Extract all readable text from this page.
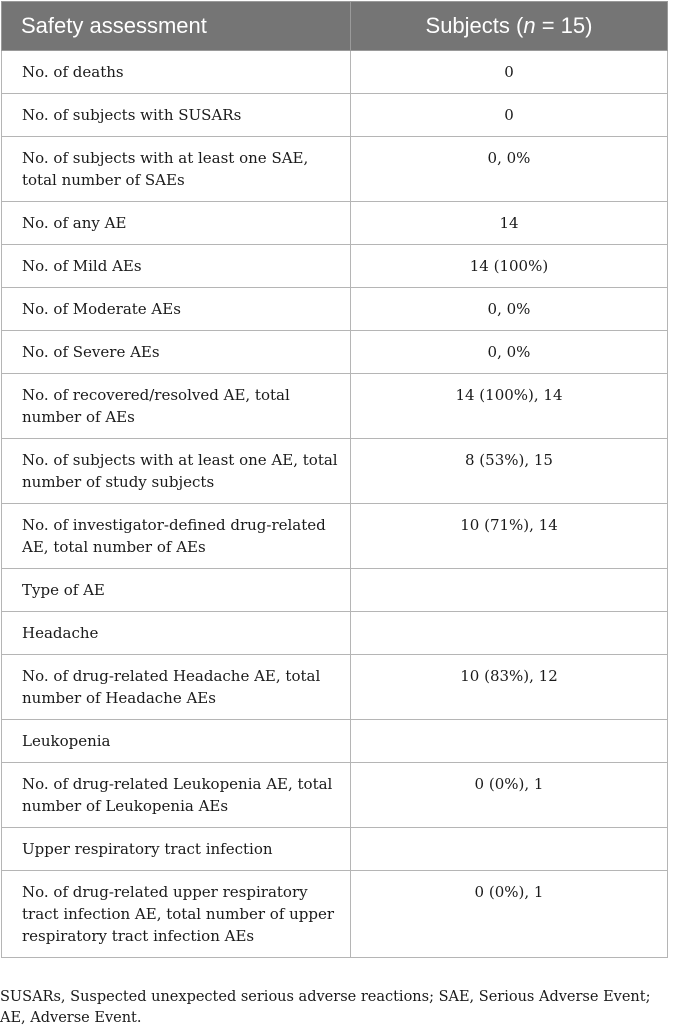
Safety assessment	Subjects (n = 15)
No. of deaths	0
No. of subjects with SUSARs	0
No. of subjects with at least one SAE, total number of SAEs	0, 0%
No. of any AE	14
No. of Mild AEs	14 (100%)
No. of Moderate AEs	0, 0%
No. of Severe AEs	0, 0%
No. of recovered/resolved AE, total number of AEs	14 (100%), 14
No. of subjects with at least one AE, total number of study subjects	8 (53%), 15
No. of investigator-defined drug-related AE, total number of AEs	10 (71%), 14
Type of AE	
Headache	
No. of drug-related Headache AE, total number of Headache AEs	10 (83%), 12
Leukopenia	
No. of drug-related Leukopenia AE, total number of Leukopenia AEs	0 (0%), 1
Upper respiratory tract infection	
No. of drug-related upper respiratory tract infection AE, total number of upper respiratory tract infection AEs	0 (0%), 1
SUSARs, Suspected unexpected serious adverse reactions; SAE, Serious Adverse Event; AE, Adverse Event.
